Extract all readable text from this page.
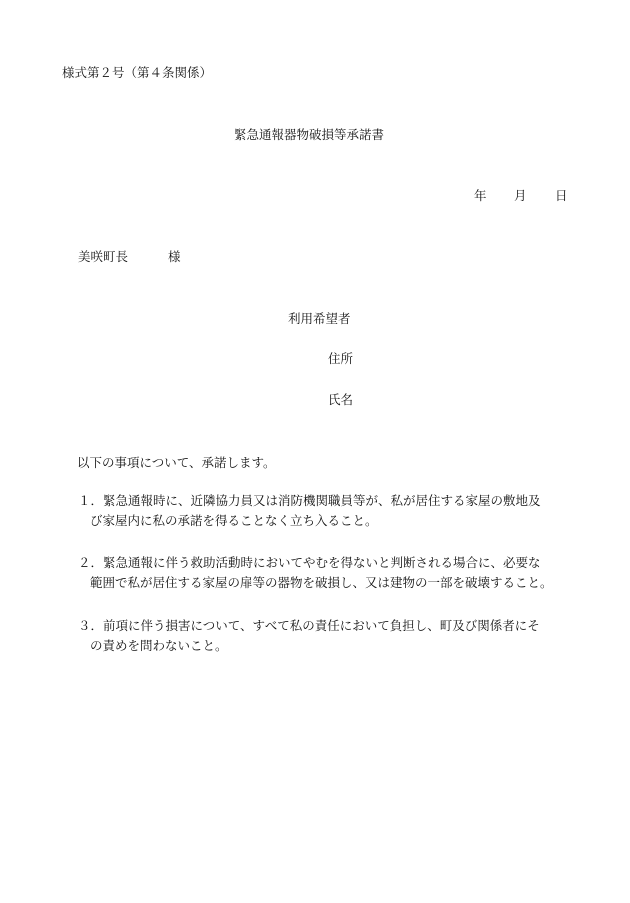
様式第２号（第４条関係）
緊急通報器物破損等承諾書
年 月 日
美咲町長	様
利用希望者
住所
氏名
以下の事項について、承諾します。
１．緊急通報時に、近隣協力員又は消防機関職員等が、私が居住する家屋の敷地及
び家屋内に私の承諾を得ることなく立ち入ること。
２．緊急通報に伴う救助活動時においてやむを得ないと判断される場合に、必要な
範囲で私が居住する家屋の扉等の器物を破損し、又は建物の一部を破壊すること。
３．前項に伴う損害について、すべて私の責任において負担し、町及び関係者にそ
の責めを問わないこと。
